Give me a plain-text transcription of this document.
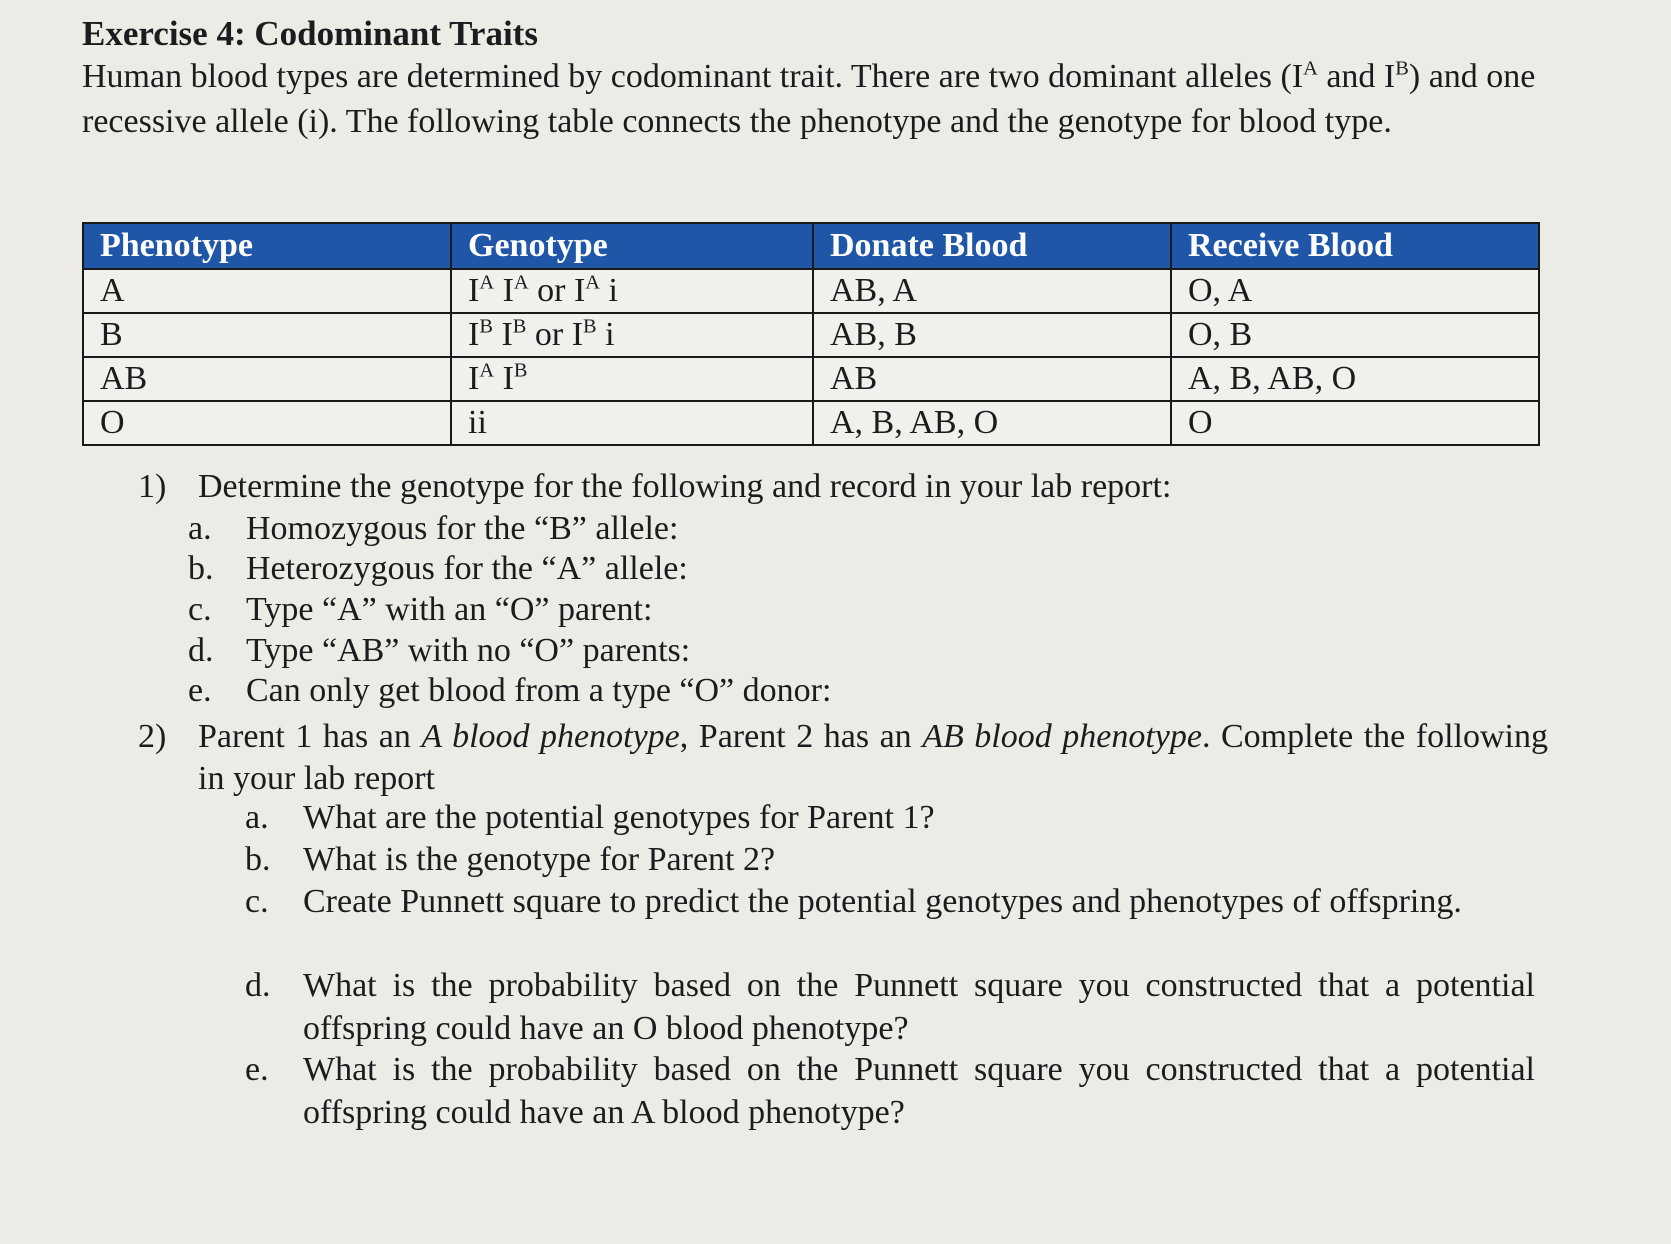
Exercise 4: Codominant Traits

Human blood types are determined by codominant trait. There are two dominant alleles ($I^A$ and $I^B$) and one recessive allele (i). The following table connects the phenotype and the genotype for blood type.

Phenotype	Genotype	Donate Blood	Receive Blood
A	$I^A$ $I^A$ or $I^A$ i	AB, A	O, A
B	$I^B$ $I^B$ or $I^B$ i	AB, B	O, B
AB	$I^A$ $I^B$	AB	A, B, AB, O
O	ii	A, B, AB, O	O
1) Determine the genotype for the following and record in your lab report:
a. Homozygous for the “B” allele:
b. Heterozygous for the “A” allele:
c. Type “A” with an “O” parent:
d. Type “AB” with no “O” parents:
e. Can only get blood from a type “O” donor:
2) Parent 1 has an A blood phenotype, Parent 2 has an AB blood phenotype. Complete the following in your lab report
a. What are the potential genotypes for Parent 1?
b. What is the genotype for Parent 2?
c. Create Punnett square to predict the potential genotypes and phenotypes of offspring.
d. What is the probability based on the Punnett square you constructed that a potential offspring could have an O blood phenotype?
e. What is the probability based on the Punnett square you constructed that a potential offspring could have an A blood phenotype?
